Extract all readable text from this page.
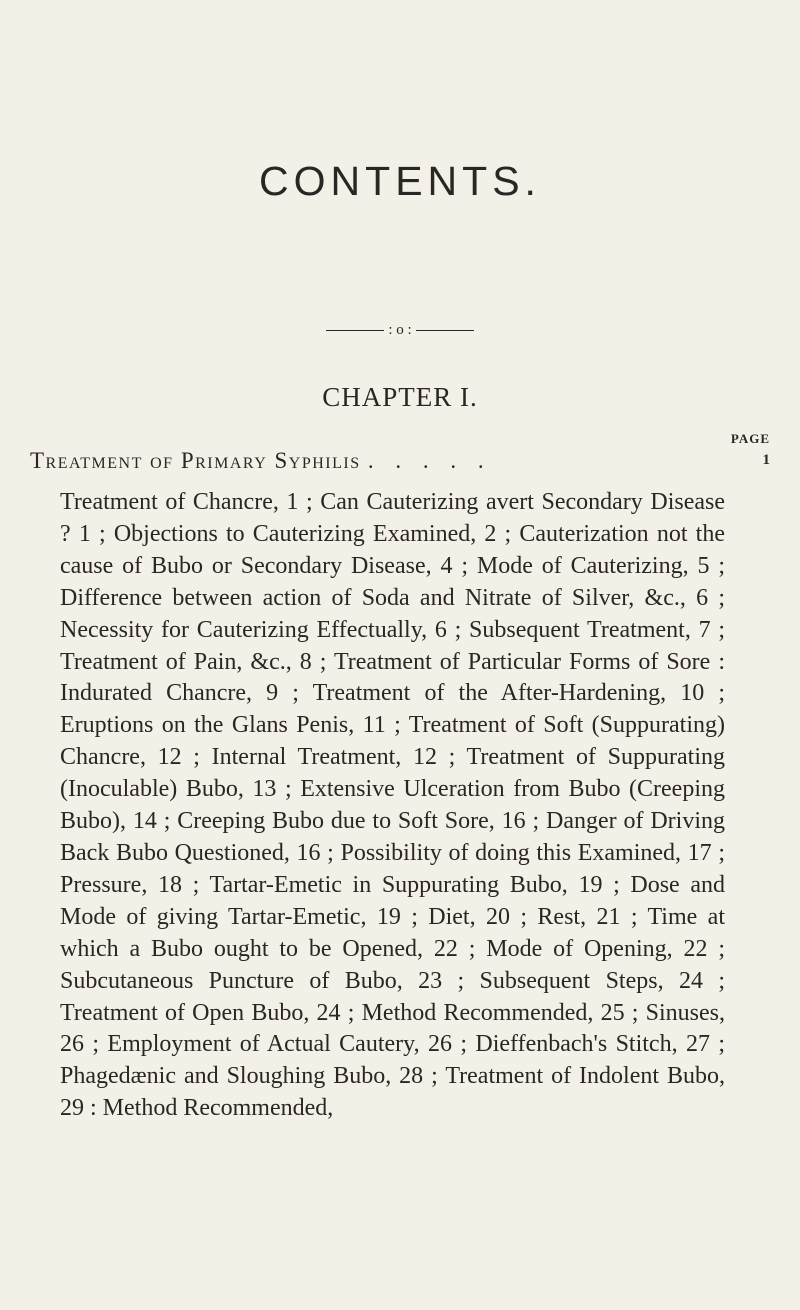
CONTENTS.
: o :
CHAPTER I.
PAGE
Treatment of Primary Syphilis . . . . .	1

Treatment of Chancre, 1 ; Can Cauterizing avert Secondary Disease ? 1 ; Objections to Cauterizing Examined, 2 ; Cauterization not the cause of Bubo or Secondary Disease, 4 ; Mode of Cauterizing, 5 ; Difference between action of Soda and Nitrate of Silver, &c., 6 ; Necessity for Cauterizing Effectually, 6 ; Subsequent Treatment, 7 ; Treatment of Pain, &c., 8 ; Treatment of Particular Forms of Sore : Indurated Chancre, 9 ; Treatment of the After-Hardening, 10 ; Eruptions on the Glans Penis, 11 ; Treatment of Soft (Suppurating) Chancre, 12 ; Internal Treatment, 12 ; Treatment of Suppurating (Inoculable) Bubo, 13 ; Extensive Ulceration from Bubo (Creeping Bubo), 14 ; Creeping Bubo due to Soft Sore, 16 ; Danger of Driving Back Bubo Questioned, 16 ; Possibility of doing this Examined, 17 ; Pressure, 18 ; Tartar-Emetic in Suppurating Bubo, 19 ; Dose and Mode of giving Tartar-Emetic, 19 ; Diet, 20 ; Rest, 21 ; Time at which a Bubo ought to be Opened, 22 ; Mode of Opening, 22 ; Subcutaneous Puncture of Bubo, 23 ; Subsequent Steps, 24 ; Treatment of Open Bubo, 24 ; Method Recommended, 25 ; Sinuses, 26 ; Employment of Actual Cautery, 26 ; Dieffenbach's Stitch, 27 ; Phagedænic and Sloughing Bubo, 28 ; Treatment of Indolent Bubo, 29 : Method Recommended,
